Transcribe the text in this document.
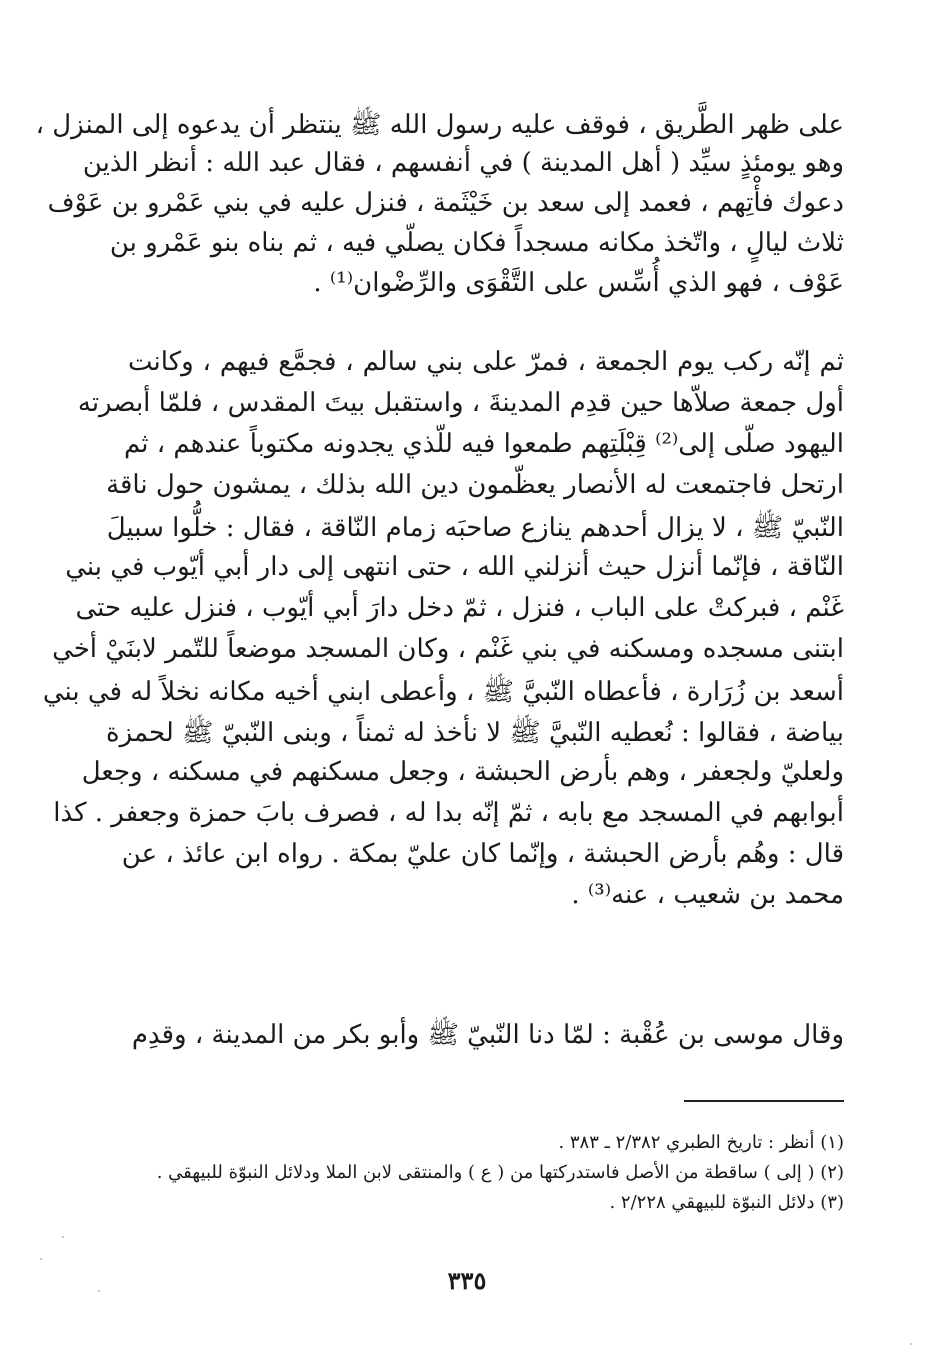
على ظهر الطَّريق ، فوقف عليه رسول الله ﷺ ينتظر أن يدعوه إلى المنزل ،
وهو يومئذٍ سيِّد ( أهل المدينة ) في أنفسهم ، فقال عبد الله : أنظر الذين
دعوك فأْتِهم ، فعمد إلى سعد بن خَيْثَمة ، فنزل عليه في بني عَمْرو بن عَوْف
ثلاث ليالٍ ، واتّخذ مكانه مسجداً فكان يصلّي فيه ، ثم بناه بنو عَمْرو بن
عَوْف ، فهو الذي أُسِّس على التَّقْوَى والرِّضْوان⁽¹⁾ .
ثم إنّه ركب يوم الجمعة ، فمرّ على بني سالم ، فجمَّع فيهم ، وكانت
أول جمعة صلاّها حين قدِم المدينةَ ، واستقبل بيتَ المقدس ، فلمّا أبصرته
اليهود صلّى إلى⁽²⁾ قِبْلَتِهم طمعوا فيه للّذي يجدونه مكتوباً عندهم ، ثم
ارتحل فاجتمعت له الأنصار يعظّمون دين الله بذلك ، يمشون حول ناقة
النّبيّ ﷺ ، لا يزال أحدهم ينازع صاحبَه زمام النّاقة ، فقال : خلُّوا سبيلَ
النّاقة ، فإنّما أنزل حيث أنزلني الله ، حتى انتهى إلى دار أبي أيّوب في بني
غَنْم ، فبركتْ على الباب ، فنزل ، ثمّ دخل دارَ أبي أيّوب ، فنزل عليه حتى
ابتنى مسجده ومسكنه في بني غَنْم ، وكان المسجد موضعاً للتّمر لابنَيْ أخي
أسعد بن زُرَارة ، فأعطاه النّبيَّ ﷺ ، وأعطى ابني أخيه مكانه نخلاً له في بني
بياضة ، فقالوا : نُعطيه النّبيَّ ﷺ لا نأخذ له ثمناً ، وبنى النّبيّ ﷺ لحمزة
ولعليّ ولجعفر ، وهم بأرض الحبشة ، وجعل مسكنهم في مسكنه ، وجعل
أبوابهم في المسجد مع بابه ، ثمّ إنّه بدا له ، فصرف بابَ حمزة وجعفر . كذا
قال : وهُم بأرض الحبشة ، وإنّما كان عليّ بمكة . رواه ابن عائذ ، عن
محمد بن شعيب ، عنه⁽³⁾ .
وقال موسى بن عُقْبة : لمّا دنا النّبيّ ﷺ وأبو بكر من المدينة ، وقدِم
(١) أنظر : تاريخ الطبري ٢/٣٨٢ ـ ٣٨٣ .
(٢) ( إلى ) ساقطة من الأصل فاستدركتها من ( ع ) والمنتقى لابن الملا ودلائل النبوّة للبيهقي .
(٣) دلائل النبوّة للبيهقي ٢/٢٢٨ .
٣٣٥
